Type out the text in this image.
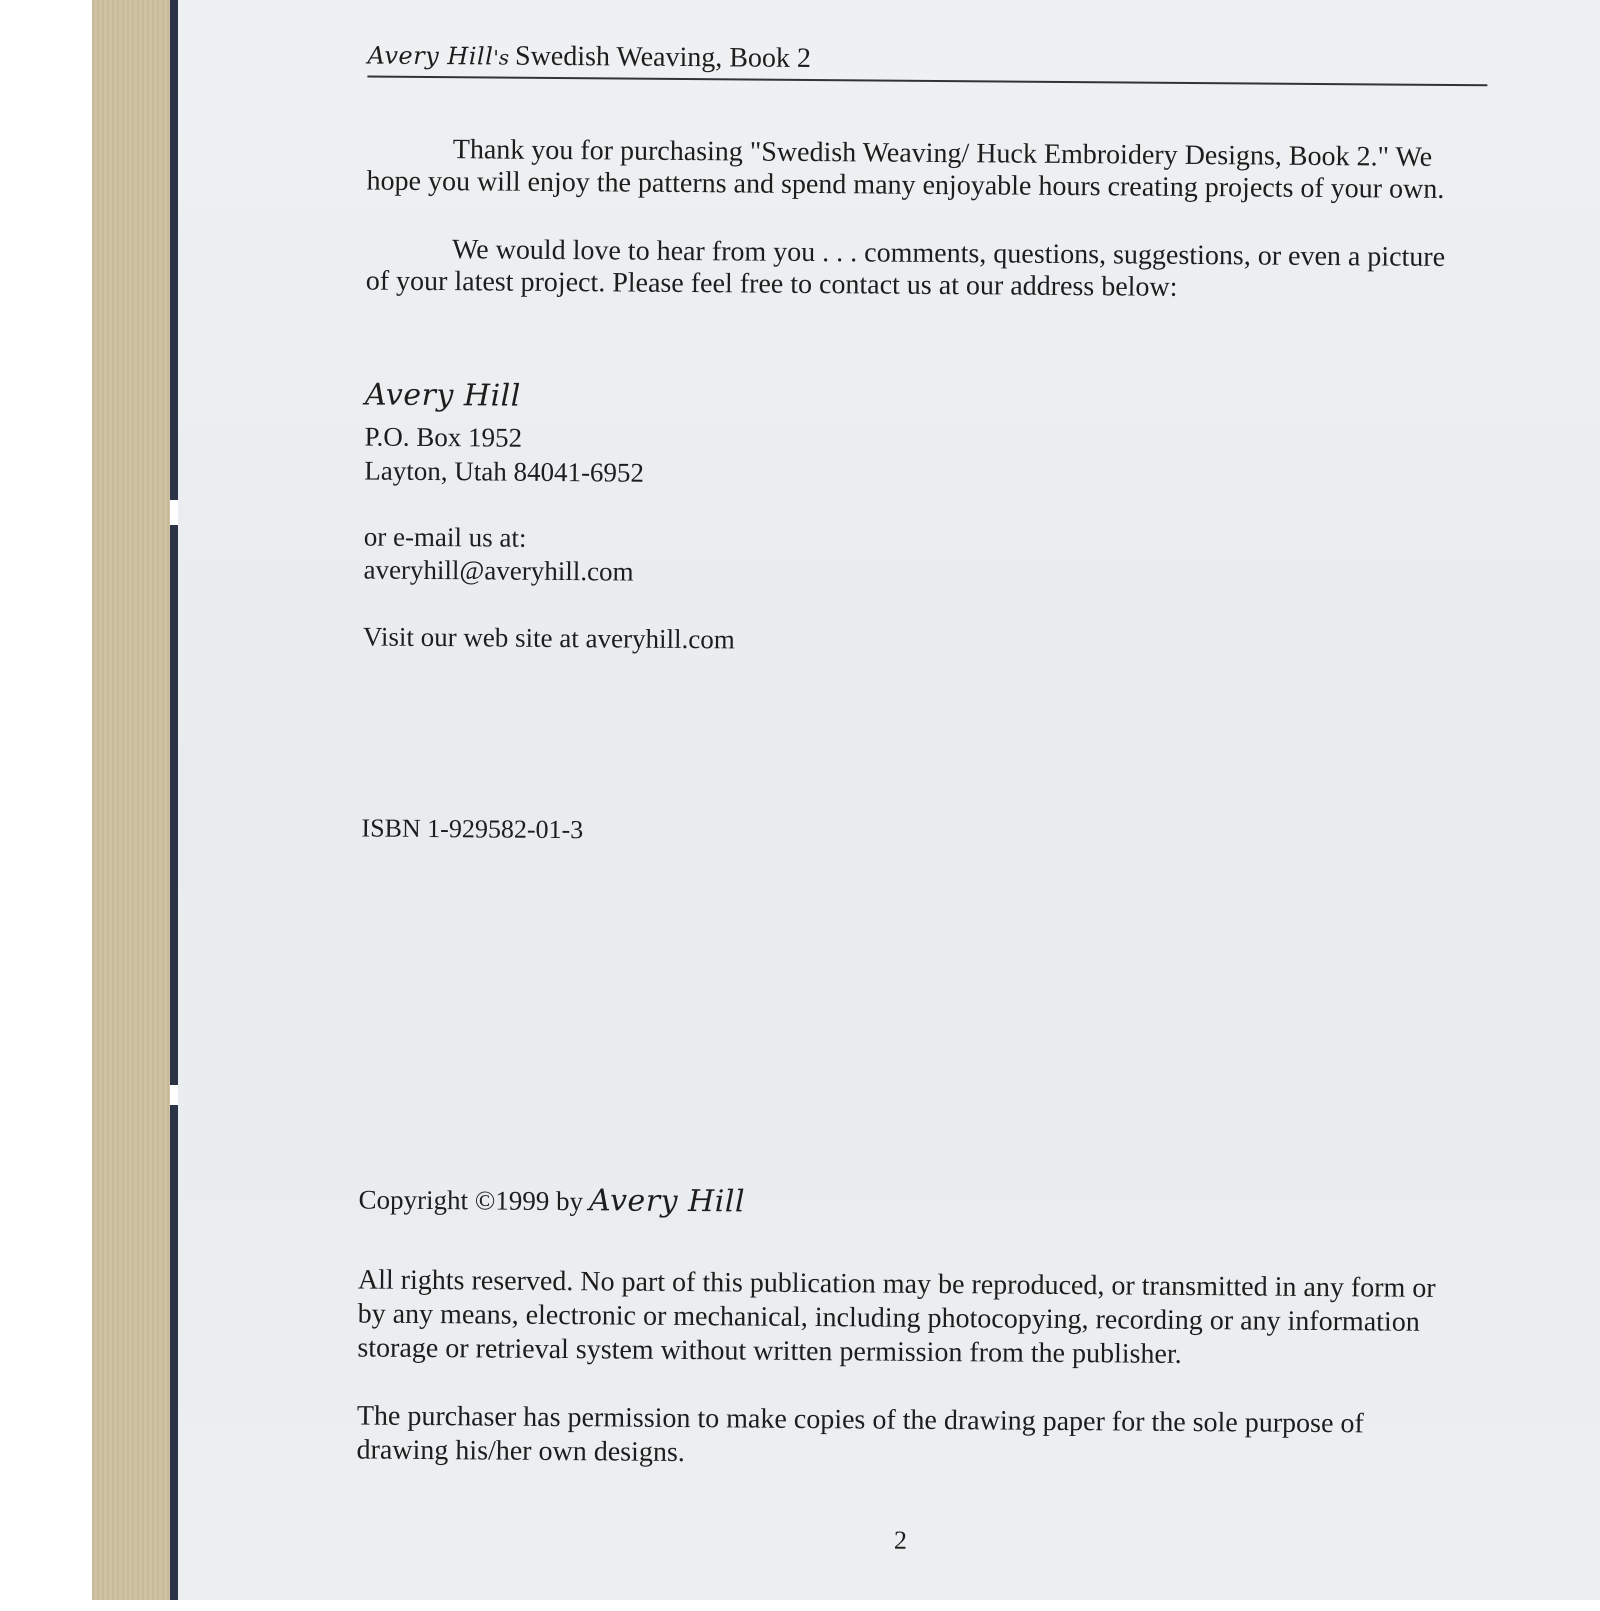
Avery Hill's Swedish Weaving, Book 2

Thank you for purchasing "Swedish Weaving/ Huck Embroidery Designs, Book 2." We hope you will enjoy the patterns and spend many enjoyable hours creating projects of your own.

We would love to hear from you . . . comments, questions, suggestions, or even a picture of your latest project. Please feel free to contact us at our address below:

Avery Hill
P.O. Box 1952
Layton, Utah 84041-6952
or e-mail us at:
averyhill@averyhill.com
Visit our web site at averyhill.com
ISBN 1-929582-01-3
Copyright ©1999 by Avery Hill

All rights reserved. No part of this publication may be reproduced, or transmitted in any form or by any means, electronic or mechanical, including photocopying, recording or any information storage or retrieval system without written permission from the publisher.

The purchaser has permission to make copies of the drawing paper for the sole purpose of drawing his/her own designs.

2
